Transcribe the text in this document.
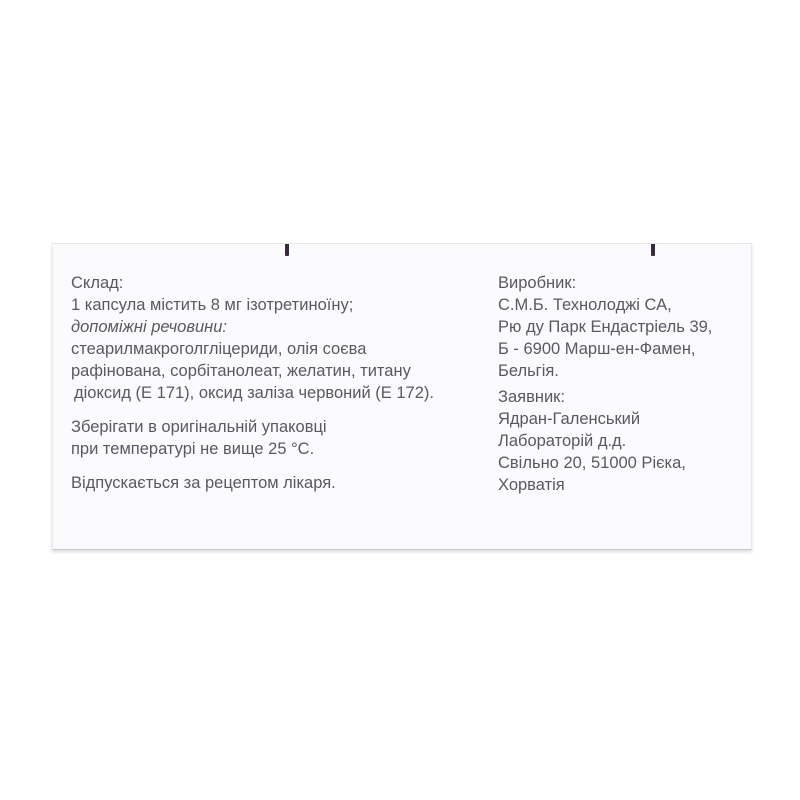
Склад:
1 капсула містить 8 мг ізотретиноїну;
допоміжні речовини:
стеарилмакроголгліцериди, олія соєва
рафінована, сорбітанолеат, желатин, титану
діоксид (Е 171), оксид заліза червоний (Е 172).
Зберігати в оригінальній упаковці
при температурі не вище 25 °С.
Відпускається за рецептом лікаря.
Виробник:
С.М.Б. Технолоджі СА,
Рю ду Парк Ендастріель 39,
Б - 6900 Марш-ен-Фамен,
Бельгія.
Заявник:
Ядран-Галенський
Лабораторій д.д.
Свільно 20, 51000 Рієка,
Хорватія
